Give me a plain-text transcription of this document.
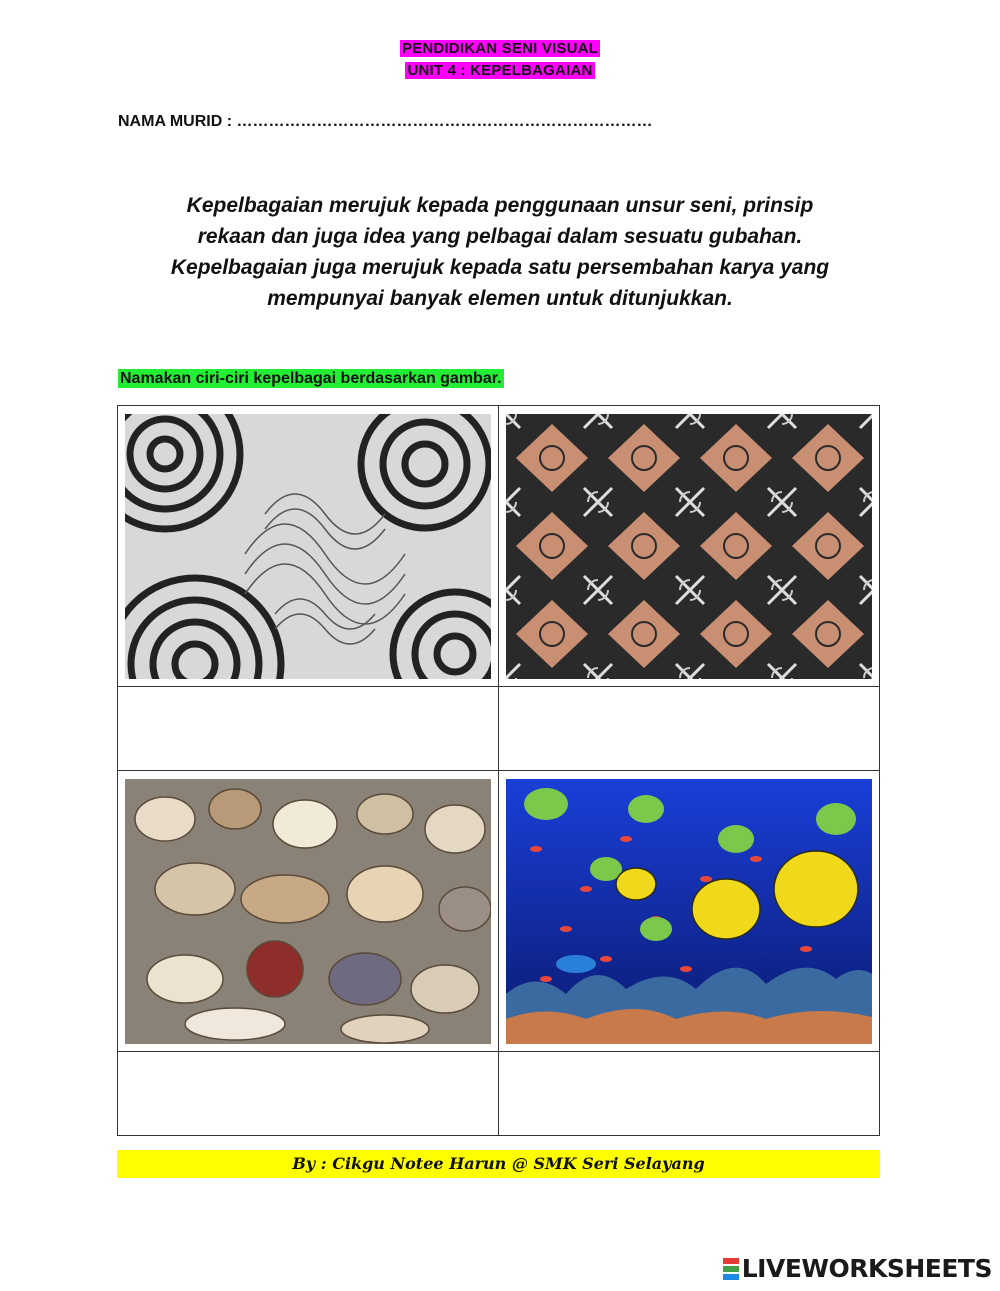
PENDIDIKAN SENI VISUAL
UNIT 4 : KEPELBAGAIAN
NAMA MURID : ……………………………………………………………………
Kepelbagaian merujuk kepada penggunaan unsur seni, prinsip
rekaan dan juga idea yang pelbagai dalam sesuatu gubahan.
Kepelbagaian juga merujuk kepada satu persembahan karya yang
mempunyai banyak elemen untuk ditunjukkan.
Namakan ciri-ciri kepelbagai berdasarkan gambar.

By : Cikgu Notee Harun @ SMK Seri Selayang
LIVEWORKSHEETS
